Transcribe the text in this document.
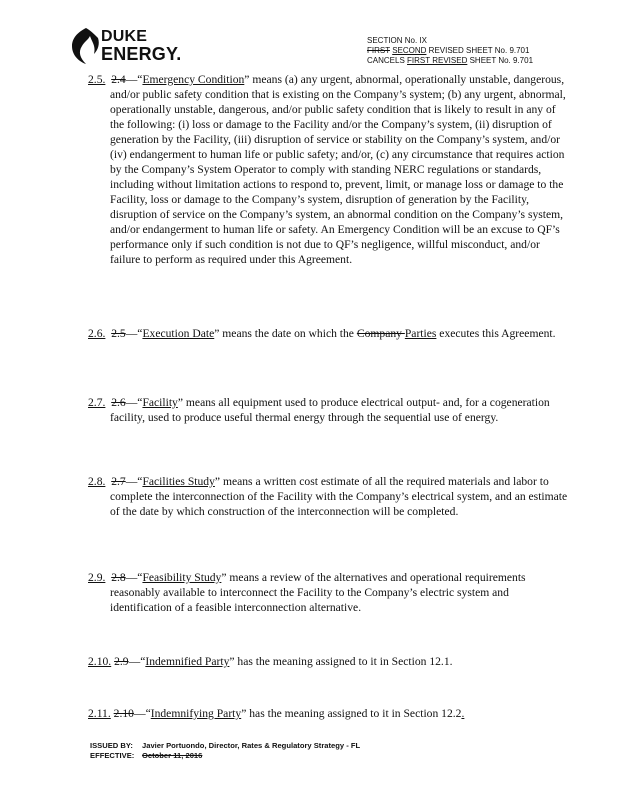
DUKE
ENERGY.
SECTION No. IX
FIRST SECOND REVISED SHEET No. 9.701
CANCELS FIRST REVISED SHEET No. 9.701
2.5. 2.4—“Emergency Condition” means (a) any urgent, abnormal, operationally unstable, dangerous, and/or public safety condition that is existing on the Company’s system; (b) any urgent, abnormal, operationally unstable, dangerous, and/or public safety condition that is likely to result in any of the following: (i) loss or damage to the Facility and/or the Company’s system, (ii) disruption of generation by the Facility, (iii) disruption of service or stability on the Company’s system, and/or (iv) endangerment to human life or public safety; and/or, (c) any circumstance that requires action by the Company’s System Operator to comply with standing NERC regulations or standards, including without limitation actions to respond to, prevent, limit, or manage loss or damage to the Facility, loss or damage to the Company’s system, disruption of generation by the Facility, disruption of service on the Company’s system, an abnormal condition on the Company’s system, and/or endangerment to human life or safety. An Emergency Condition will be an excuse to QF’s performance only if such condition is not due to QF’s negligence, willful misconduct, and/or failure to perform as required under this Agreement.
2.6. 2.5—“Execution Date” means the date on which the Company Parties executes this Agreement.
2.7. 2.6—“Facility” means all equipment used to produce electrical output- and, for a cogeneration facility, used to produce useful thermal energy through the sequential use of energy.
2.8. 2.7—“Facilities Study” means a written cost estimate of all the required materials and labor to complete the interconnection of the Facility with the Company’s electrical system, and an estimate of the date by which construction of the interconnection will be completed.
2.9. 2.8—“Feasibility Study” means a review of the alternatives and operational requirements reasonably available to interconnect the Facility to the Company’s electric system and identification of a feasible interconnection alternative.
2.10. 2.9—“Indemnified Party” has the meaning assigned to it in Section 12.1.
2.11. 2.10—“Indemnifying Party” has the meaning assigned to it in Section 12.2.
ISSUED BY: Javier Portuondo, Director, Rates & Regulatory Strategy - FL
EFFECTIVE: October 11, 2016
